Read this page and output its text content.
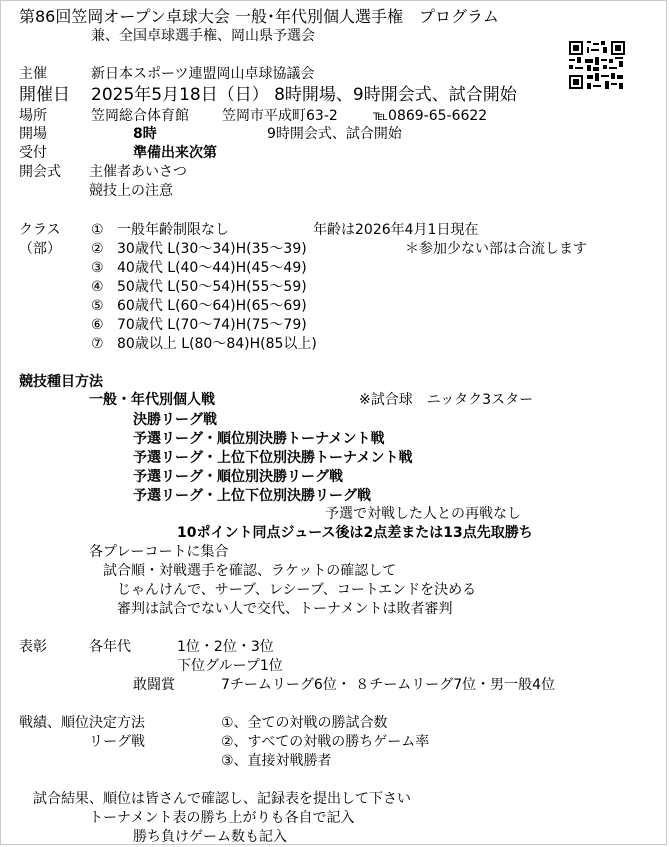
第86回笠岡オープン卓球大会 一般･年代別個人選手権　プログラム
兼、全国卓球選手権、岡山県予選会
主催	新日本スポーツ連盟岡山卓球協議会
開催日 2025年5月18日（日） 8時開場、9時開会式、試合開始
場所	笠岡総合体育館 笠岡市平成町63-2	℡0869-65-6622
開場	8時	9時開会式、試合開始
受付	準備出来次第
開会式 主催者あいさつ
競技上の注意
クラス
（部）
① 一般年齢制限なし	年齢は2026年4月1日現在
② 30歳代 L(30～34)H(35～39)	＊参加少ない部は合流します
③ 40歳代 L(40～44)H(45～49)
④ 50歳代 L(50～54)H(55～59)
⑤ 60歳代 L(60～64)H(65～69)
⑥ 70歳代 L(70～74)H(75～79)
⑦ 80歳以上 L(80～84)H(85以上)
競技種目方法
一般・年代別個人戦	※試合球　ニッタク3スター
決勝リーグ戦
予選リーグ・順位別決勝トーナメント戦
予選リーグ・上位下位別決勝トーナメント戦
予選リーグ・順位別決勝リーグ戦
予選リーグ・上位下位別決勝リーグ戦
予選で対戦した人との再戦なし
10ポイント同点ジュース後は2点差または13点先取勝ち
各プレーコートに集合
試合順・対戦選手を確認、ラケットの確認して
じゃんけんで、サーブ、レシーブ、コートエンドを決める
審判は試合でない人で交代、トーナメントは敗者審判
表彰	各年代	1位・2位・3位
下位グループ1位
敢闘賞	7チームリーグ6位・ ８チームリーグ7位・男一般4位
戦績、順位決定方法	①、全ての対戦の勝試合数
リーグ戦	②、すべての対戦の勝ちゲーム率
③、直接対戦勝者
試合結果、順位は皆さんで確認し、記録表を提出して下さい
トーナメント表の勝ち上がりも各自で記入
勝ち負けゲーム数も記入
